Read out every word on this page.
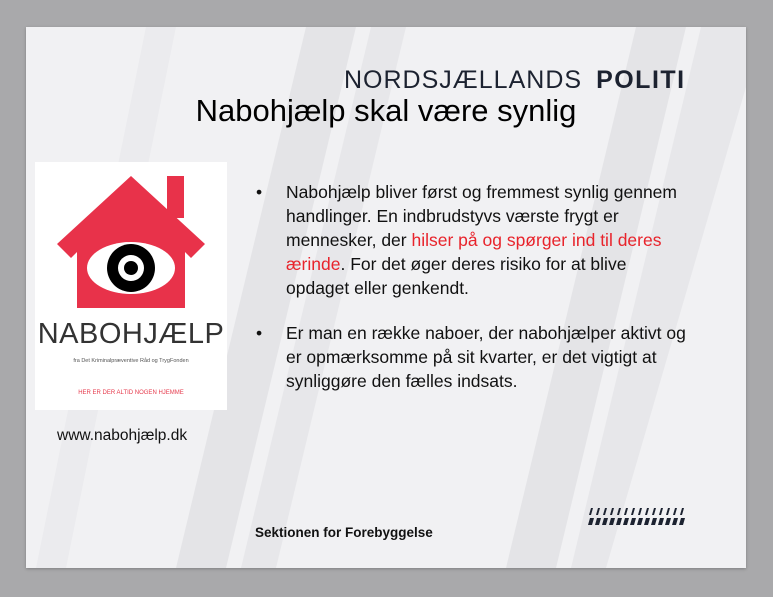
NORDSJÆLLANDS POLITI
Nabohjælp skal være synlig
NABOHJÆLP
fra Det Kriminalpræventive Råd og TrygFonden
HER ER DER ALTID NOGEN HJEMME
www.nabohjælp.dk
• Nabohjælp bliver først og fremmest synlig gennem handlinger. En indbrudstyvs værste frygt er mennesker, der hilser på og spørger ind til deres ærinde. For det øger deres risiko for at blive opdaget eller genkendt.
• Er man en række naboer, der nabohjælper aktivt og er opmærksomme på sit kvarter, er det vigtigt at synliggøre den fælles indsats.
Sektionen for Forebyggelse
